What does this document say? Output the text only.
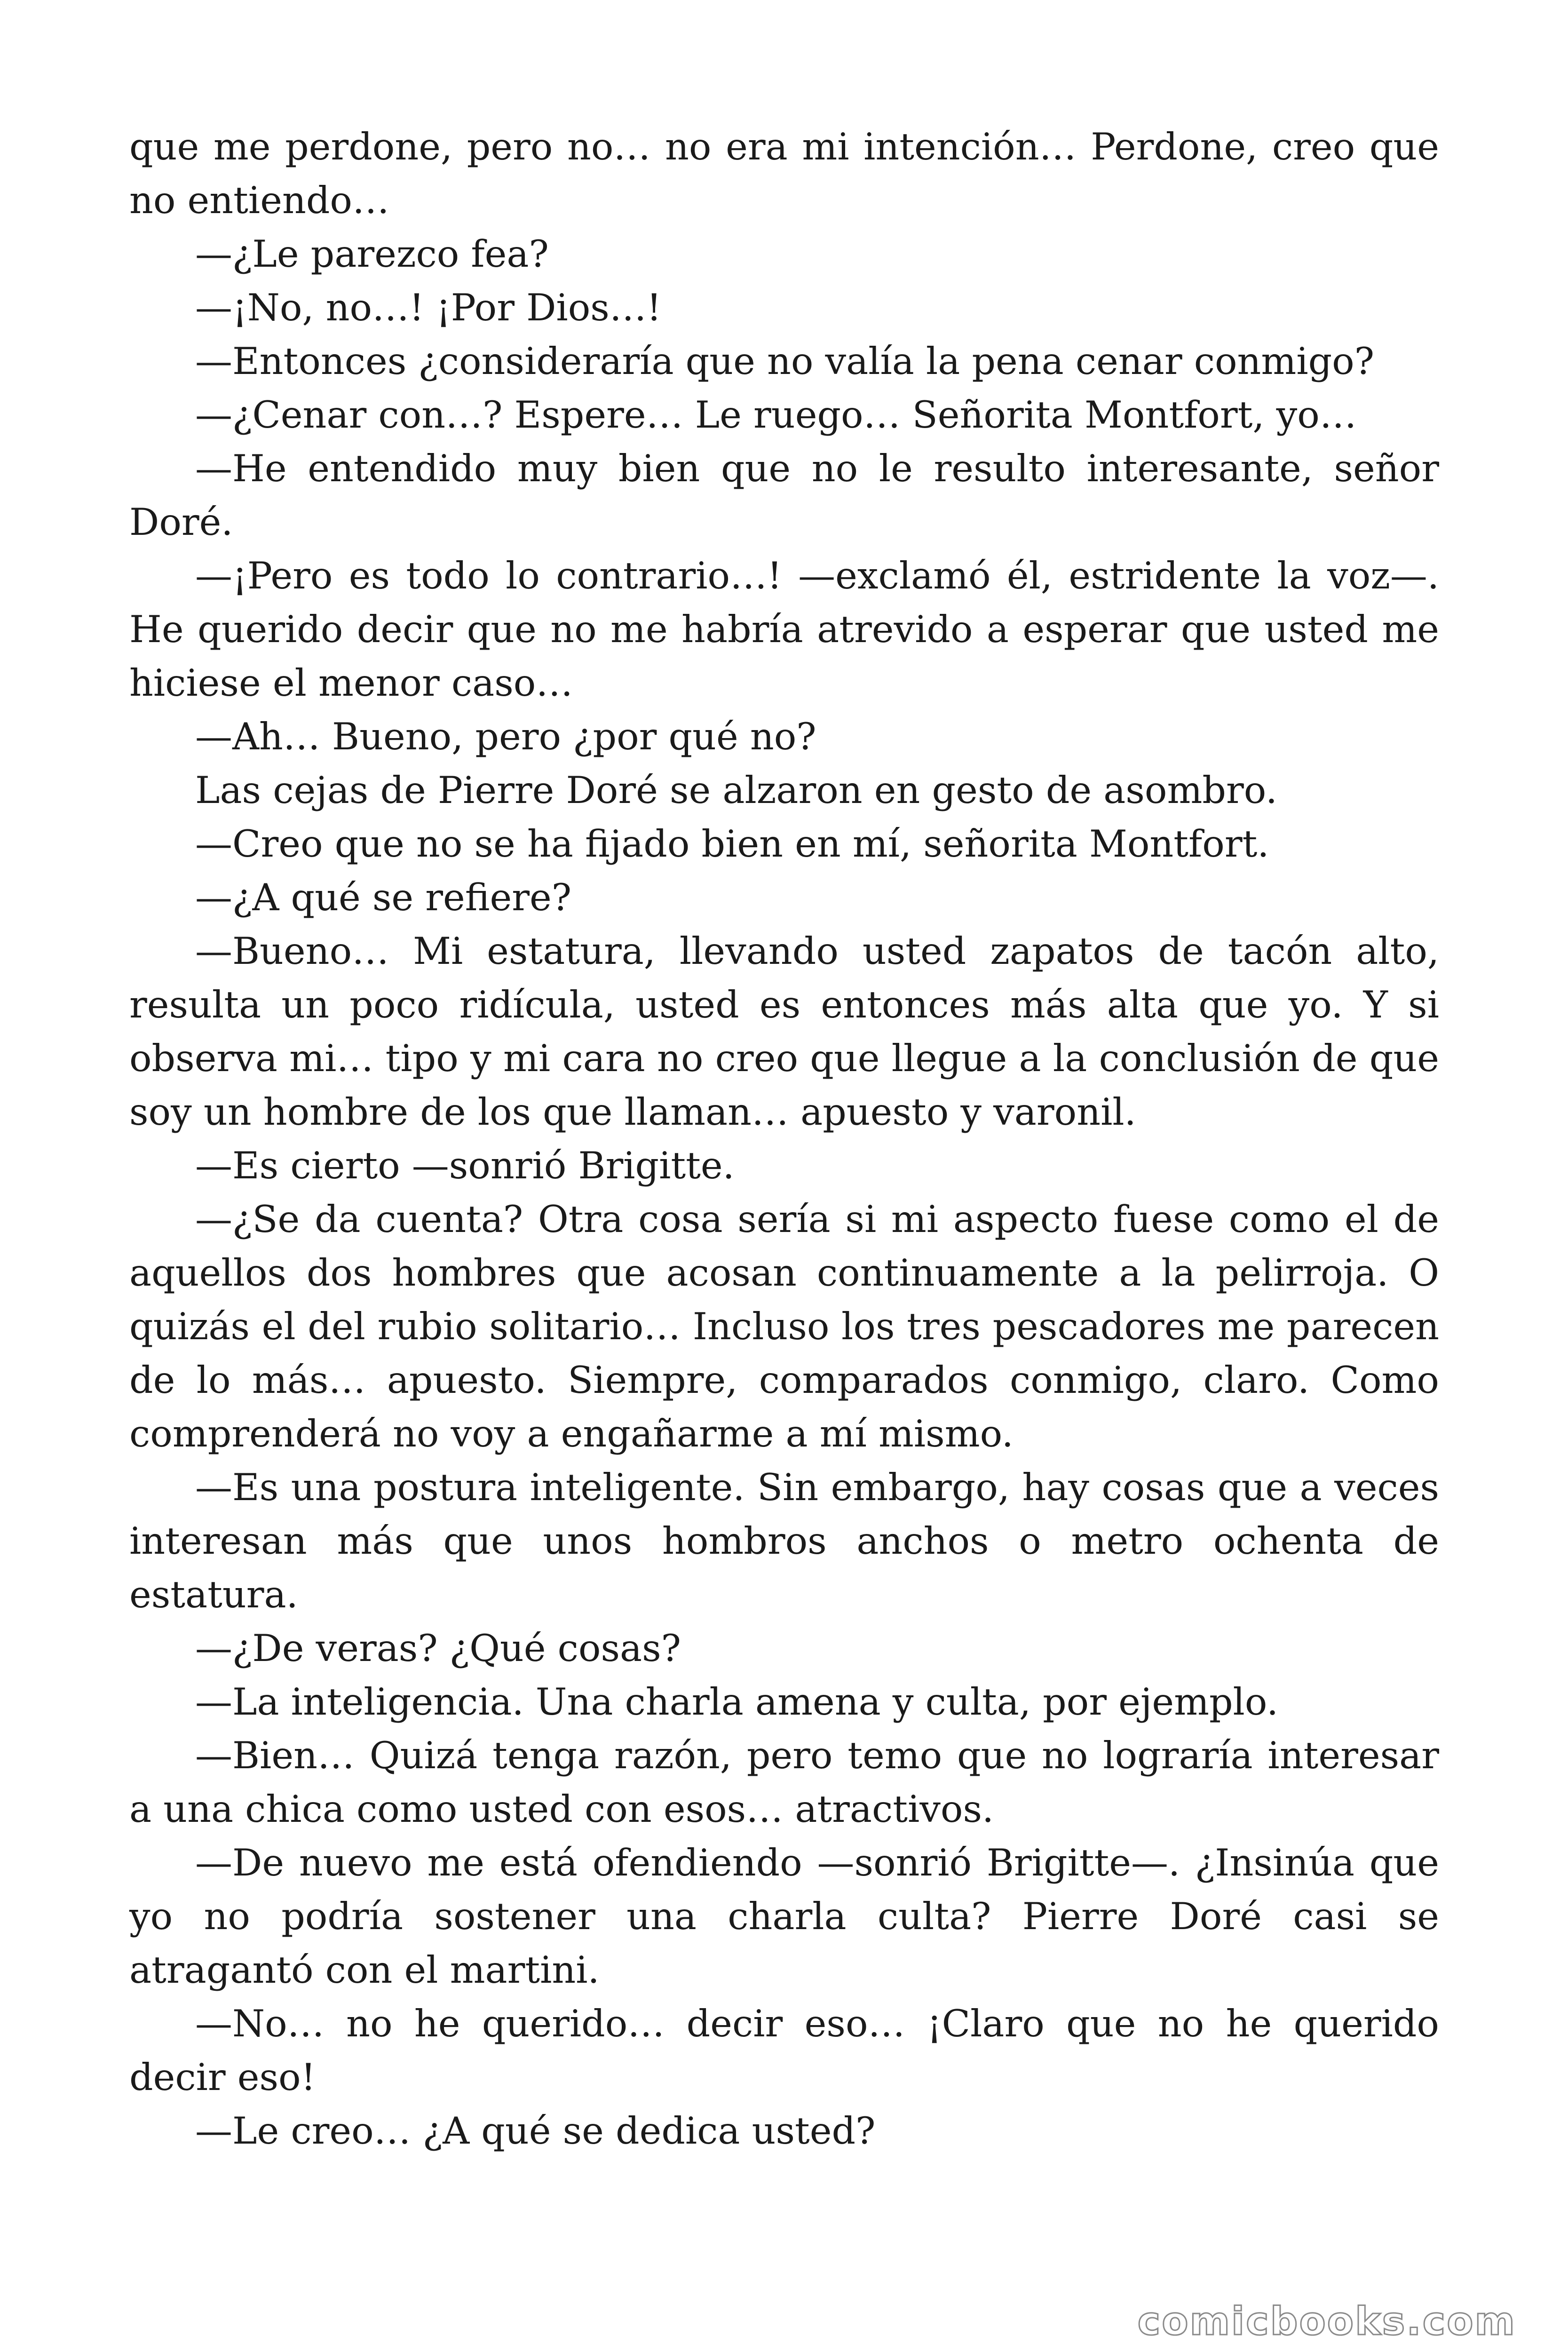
que me perdone, pero no… no era mi intención… Perdone, creo que no entiendo…

—¿Le parezco fea?

—¡No, no…! ¡Por Dios…!

—Entonces ¿consideraría que no valía la pena cenar conmigo?

—¿Cenar con…? Espere… Le ruego… Señorita Montfort, yo…

—He entendido muy bien que no le resulto interesante, señor Doré.

—¡Pero es todo lo contrario…! —exclamó él, estridente la voz—. He querido decir que no me habría atrevido a esperar que usted me hiciese el menor caso…

—Ah… Bueno, pero ¿por qué no?

Las cejas de Pierre Doré se alzaron en gesto de asombro.

—Creo que no se ha fijado bien en mí, señorita Montfort.

—¿A qué se refiere?

—Bueno… Mi estatura, llevando usted zapatos de tacón alto, resulta un poco ridícula, usted es entonces más alta que yo. Y si observa mi… tipo y mi cara no creo que llegue a la conclusión de que soy un hombre de los que llaman… apuesto y varonil.

—Es cierto —sonrió Brigitte.

—¿Se da cuenta? Otra cosa sería si mi aspecto fuese como el de aquellos dos hombres que acosan continuamente a la pelirroja. O quizás el del rubio solitario… Incluso los tres pescadores me parecen de lo más… apuesto. Siempre, comparados conmigo, claro. Como comprenderá no voy a engañarme a mí mismo.

—Es una postura inteligente. Sin embargo, hay cosas que a veces interesan más que unos hombros anchos o metro ochenta de estatura.

—¿De veras? ¿Qué cosas?

—La inteligencia. Una charla amena y culta, por ejemplo.

—Bien… Quizá tenga razón, pero temo que no lograría interesar a una chica como usted con esos… atractivos.

—De nuevo me está ofendiendo —sonrió Brigitte—. ¿Insinúa que yo no podría sostener una charla culta? Pierre Doré casi se atragantó con el martini.

—No… no he querido… decir eso… ¡Claro que no he querido decir eso!

—Le creo… ¿A qué se dedica usted?

comicbooks.com
